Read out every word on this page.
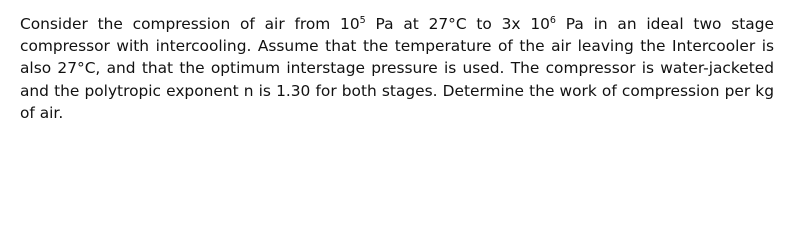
Consider the compression of air from $10^5$ Pa at 27°C to 3x $10^6$ Pa in an ideal two stage compressor with intercooling. Assume that the temperature of the air leaving the Intercooler is also 27°C, and that the optimum interstage pressure is used. The compressor is water-jacketed and the polytropic exponent n is 1.30 for both stages. Determine the work of compression per kg of air.
